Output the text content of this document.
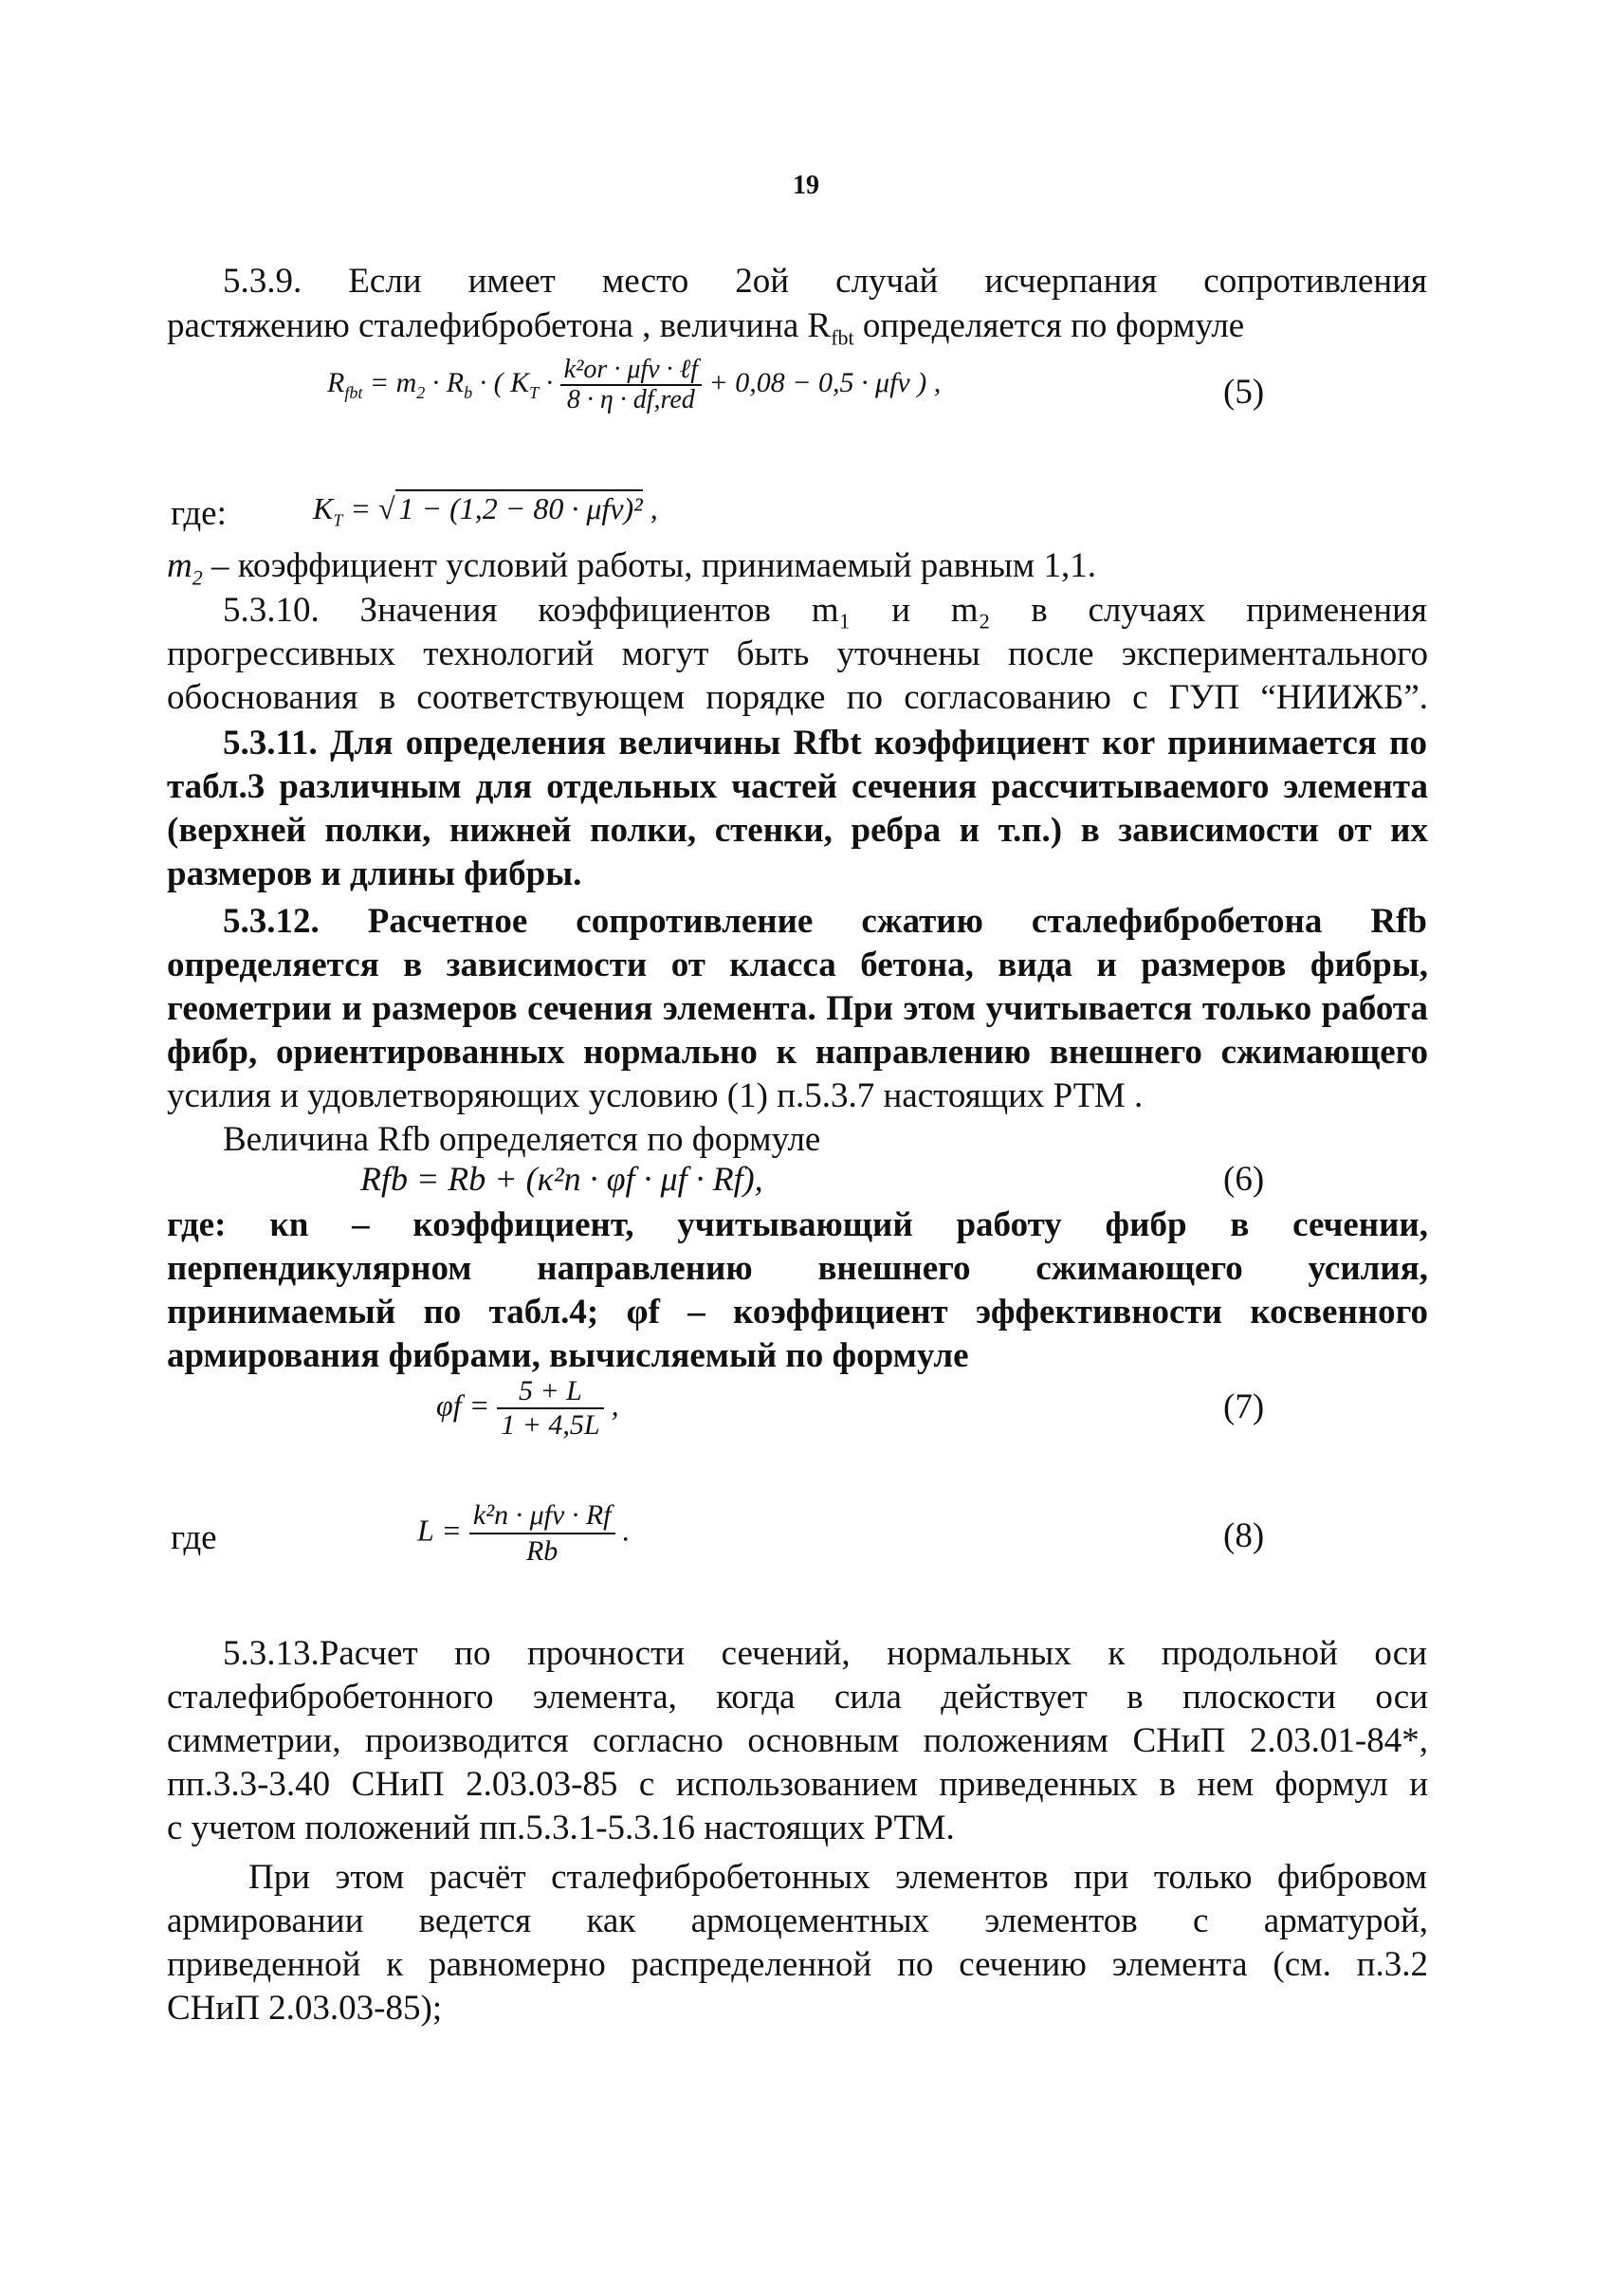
19
5.3.9. Если имеет место 2ой случай исчерпания сопротивления
растяжению сталефибробетона , величина $R_{fbt}$ определяется по формуле
$R_{fbt} = m_2 \cdot R_b$ · ( $K_T \cdot \frac{\text{k²or · μfv · ℓf}}{\text{8 · η · df,red}} + 0,08 - 0,5 \cdot \mu fv$ ) ,	(5)
где:	$K_T$ = √ 1 − (1,2 − 80 · μfv)² ,
$m_2$ – коэффициент условий работы, принимаемый равным 1,1.
5.3.10. Значения коэффициентов m₁ и m₂ в случаях применения
прогрессивных технологий могут быть уточнены после экспериментального
обоснования в соответствующем порядке по согласованию с ГУП “НИИЖБ”.
5.3.11. Для определения величины Rfbt коэффициент кor принимается по
табл.3 различным для отдельных частей сечения рассчитываемого элемента
(верхней полки, нижней полки, стенки, ребра и т.п.) в зависимости от их
размеров и длины фибры.
5.3.12. Расчетное сопротивление сжатию сталефибробетона Rfb
определяется в зависимости от класса бетона, вида и размеров фибры,
геометрии и размеров сечения элемента. При этом учитывается только работа
фибр, ориентированных нормально к направлению внешнего сжимающего
усилия и удовлетворяющих условию (1) п.5.3.7 настоящих РТМ .
Величина Rfb определяется по формуле
Rfb = Rb + (κ²n · φf · μf · Rf),	(6)
где: κn – коэффициент, учитывающий работу фибр в сечении,
перпендикулярном направлению внешнего сжимающего усилия,
принимаемый по табл.4; φf – коэффициент эффективности косвенного
армирования фибрами, вычисляемый по формуле
$\varphi f = \frac{5 + L}{1 + 4,5L}$ ,	(7)
где	$L = \frac{\text{k²n · μfv · Rf}}{Rb}$ .	(8)
5.3.13.Расчет по прочности сечений, нормальных к продольной оси
сталефибробетонного элемента, когда сила действует в плоскости оси
симметрии, производится согласно основным положениям СНиП 2.03.01-84*,
пп.3.3-3.40 СНиП 2.03.03-85 с использованием приведенных в нем формул и
с учетом положений пп.5.3.1-5.3.16 настоящих РТМ.
При этом расчёт сталефибробетонных элементов при только фибровом
армировании ведется как армоцементных элементов с арматурой,
приведенной к равномерно распределенной по сечению элемента (см. п.3.2
СНиП 2.03.03-85);
